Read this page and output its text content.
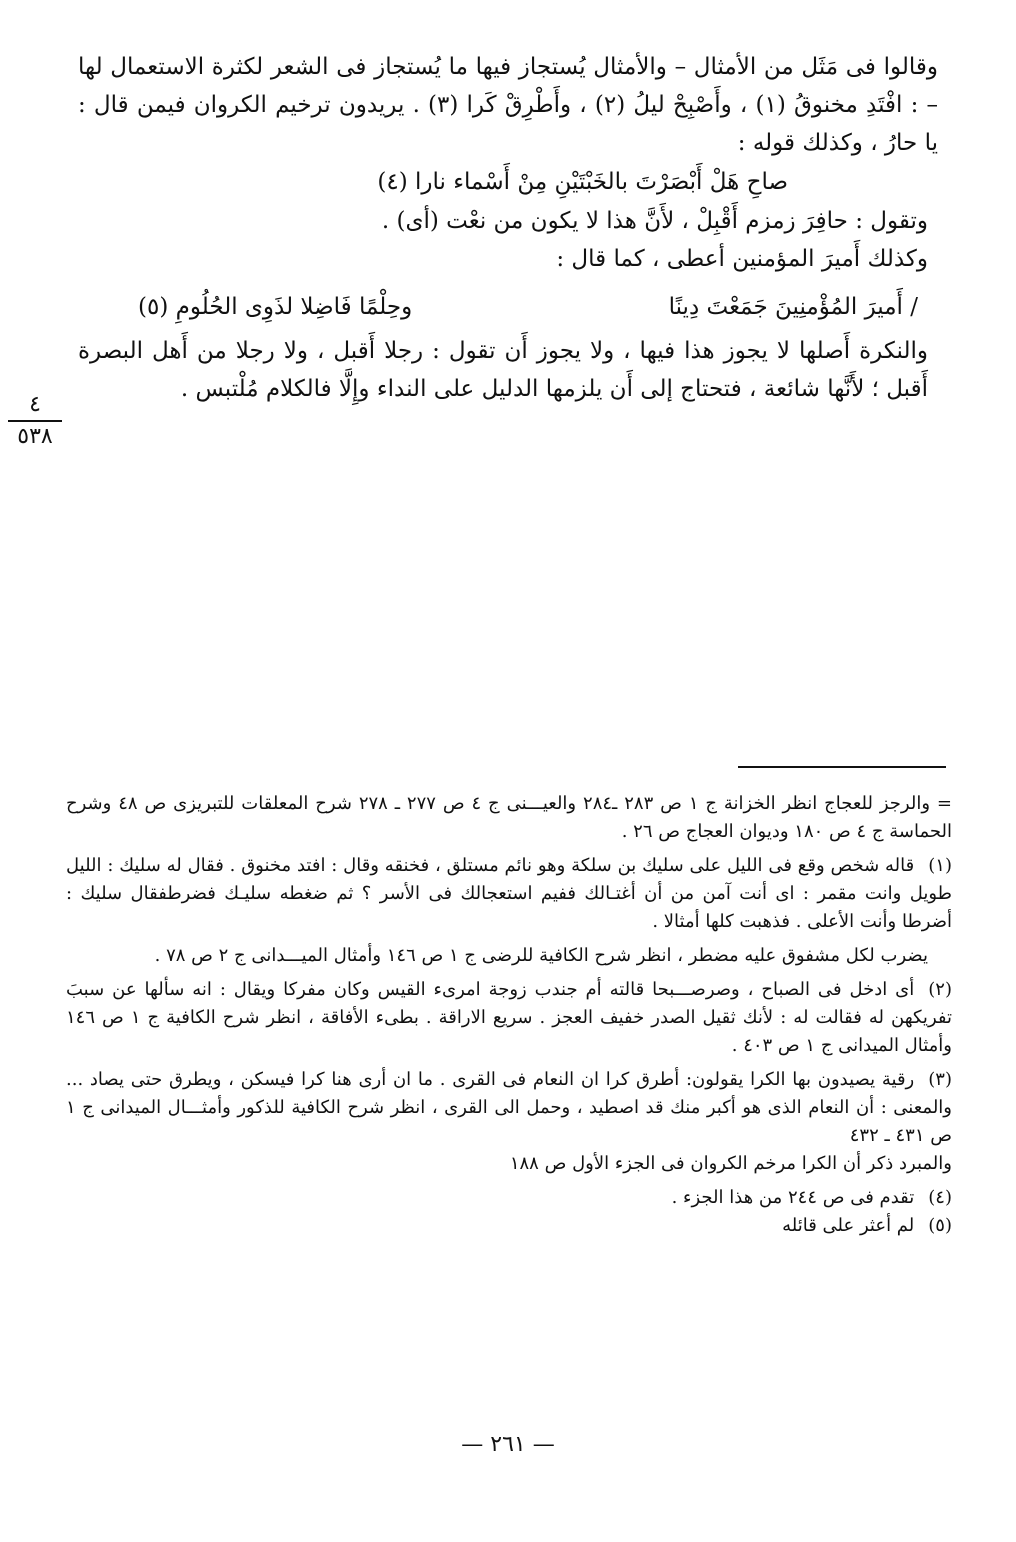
وقالوا فى مَثَل من الأمثال – والأمثال يُستجاز فيها ما يُستجاز فى الشعر لكثرة الاستعمال لها – : افْتَدِ مخنوقُ (١) ، وأَصْبِحْ ليلُ (٢) ، وأَطْرِقْ كَرا (٣) . يريدون ترخيم الكروان فيمن قال : يا حارُ ، وكذلك قوله :

صاحِ هَلْ أَبْصَرْتَ بالخَبْتَيْنِ مِنْ أَسْماء نارا (٤)

وتقول : حافِرَ زمزم أَقْبِلْ ، لأَنَّ هذا لا يكون من نعْت (أى) .

وكذلك أَميرَ المؤمنين أعطى ، كما قال :

/ أَميرَ المُؤْمنِينَ جَمَعْتَ دِينًا
وحِلْمًا فَاضِلا لذَوِى الحُلُومِ (٥)

والنكرة أَصلها لا يجوز هذا فيها ، ولا يجوز أَن تقول : رجلا أَقبل ، ولا رجلا من أَهل البصرة أَقبل ؛ لأَنَّها شائعة ، فتحتاج إلى أَن يلزمها الدليل على النداء وإِلَّا فالكلام مُلْتبس .

٤
٥٣٨

= والرجز للعجاج انظر الخزانة ج ١ ص ٢٨٣ ـ٢٨٤ والعيـــنى ج ٤ ص ٢٧٧ ـ ٢٧٨ شرح المعلقات للتبريزى ص ٤٨ وشرح الحماسة ج ٤ ص ١٨٠ وديوان العجاج ص ٢٦ .

(١)قاله شخص وقع فى الليل على سليك بن سلكة وهو نائم مستلق ، فخنقه وقال : افتد مخنوق . فقال له سليك : الليل طويل وانت مقمر : اى أنت آمن من أن أغتـالك ففيم استعجالك فى الأسر ؟ ثم ضغطه سليـك فضرطفقال سليك : أضرطا وأنت الأعلى . فذهبت كلها أمثالا .

يضرب لكل مشفوق عليه مضطر ، انظر شرح الكافية للرضى ج ١ ص ١٤٦ وأمثال الميـــدانى ج ٢ ص ٧٨ .

(٢)أى ادخل فى الصباح ، وصرصـــبحا قالته أم جندب زوجة امرىء القيس وكان مفركا ويقال : انه سألها عن سببَ تفريكهن له فقالت له : لأنك ثقيل الصدر خفيف العجز . سريع الاراقة . بطىء الأفاقة ، انظر شرح الكافية ج ١ ص ١٤٦ وأمثال الميدانى ج ١ ص ٤٠٣ .

(٣)رقية يصيدون بها الكرا يقولون: أطرق كرا ان النعام فى القرى . ما ان أرى هنا كرا فيسكن ، ويطرق حتى يصاد ... والمعنى : أن النعام الذى هو أكبر منك قد اصطيد ، وحمل الى القرى ، انظر شرح الكافية للذكور وأمثـــال الميدانى ج ١ ص ٤٣١ ـ ٤٣٢

والمبرد ذكر أن الكرا مرخم الكروان فى الجزء الأول ص ١٨٨

(٤)تقدم فى ص ٢٤٤ من هذا الجزء .

(٥)لم أعثر على قائله

— ٢٦١ —
